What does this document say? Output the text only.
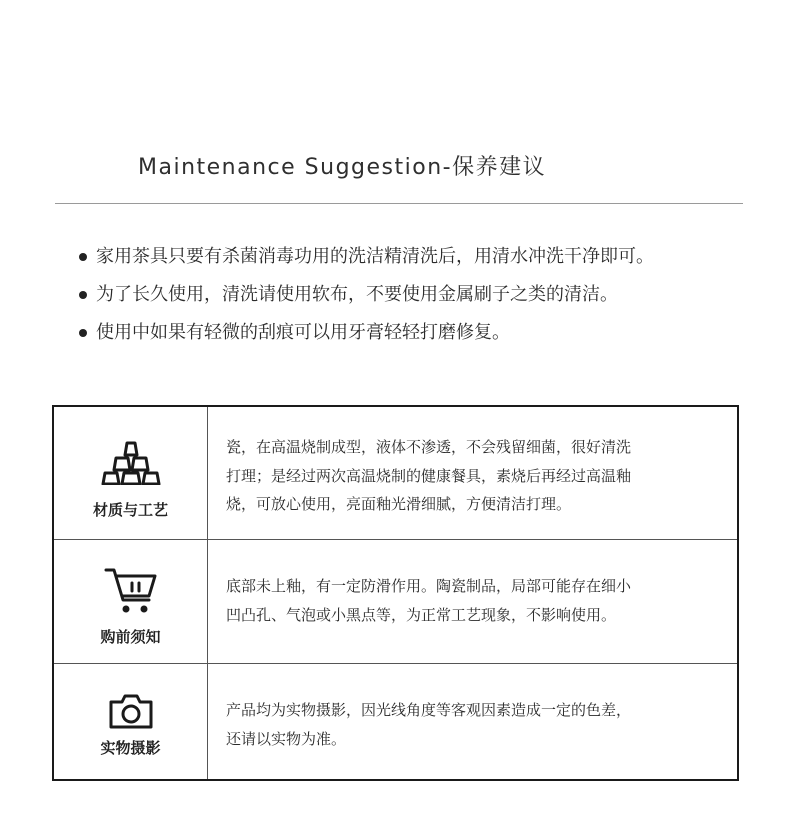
Maintenance Suggestion-保养建议
家用茶具只要有杀菌消毒功用的洗洁精清洗后，用清水冲洗干净即可。
为了长久使用，清洗请使用软布，不要使用金属刷子之类的清洁。
使用中如果有轻微的刮痕可以用牙膏轻轻打磨修复。
材质与工艺
瓷，在高温烧制成型，液体不渗透，不会残留细菌，很好清洗
打理；是经过两次高温烧制的健康餐具，素烧后再经过高温釉
烧，可放心使用，亮面釉光滑细腻，方便清洁打理。
购前须知
底部未上釉，有一定防滑作用。陶瓷制品，局部可能存在细小
凹凸孔、气泡或小黑点等，为正常工艺现象，不影响使用。
实物摄影
产品均为实物摄影，因光线角度等客观因素造成一定的色差，
还请以实物为准。
